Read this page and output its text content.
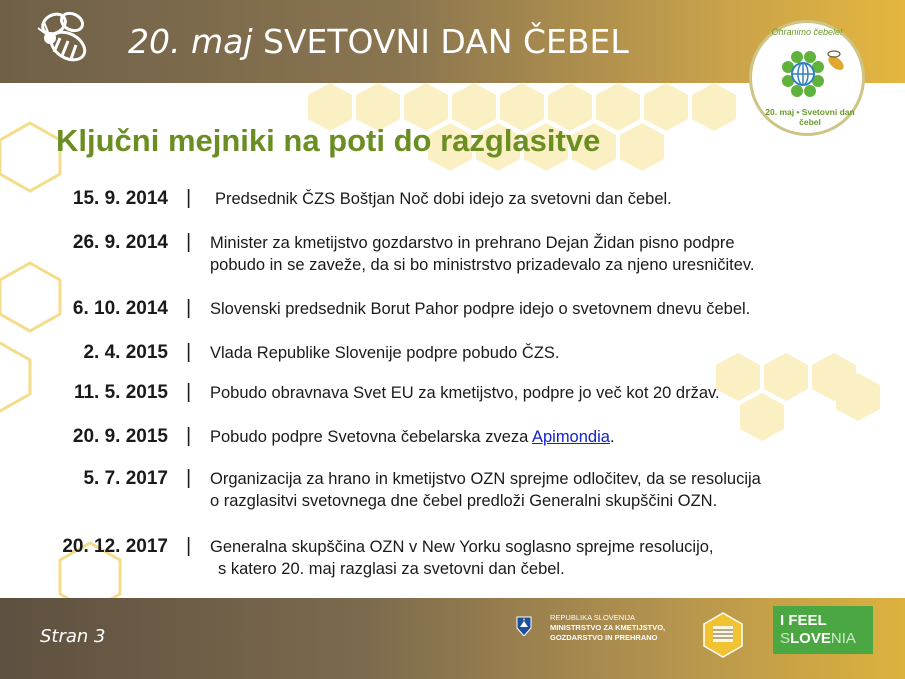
20. maj SVETOVNI DAN ČEBEL	Ohranimo čebele!
20. maj • Svetovni dan čebel
Ključni mejniki na poti do razglasitve
15. 9. 2014 | Predsednik ČZS Boštjan Noč dobi idejo za svetovni dan čebel.
26. 9. 2014 | Minister za kmetijstvo gozdarstvo in prehrano Dejan Židan pisno podpre
pobudo in se zaveže, da si bo ministrstvo prizadevalo za njeno uresničitev.
6. 10. 2014 | Slovenski predsednik Borut Pahor podpre idejo o svetovnem dnevu čebel.
2. 4. 2015 | Vlada Republike Slovenije podpre pobudo ČZS.
11. 5. 2015 | Pobudo obravnava Svet EU za kmetijstvo, podpre jo več kot 20 držav.
20. 9. 2015 | Pobudo podpre Svetovna čebelarska zveza Apimondia.
5. 7. 2017 | Organizacija za hrano in kmetijstvo OZN sprejme odločitev, da se resolucija
o razglasitvi svetovnega dne čebel predloži Generalni skupščini OZN.
20. 12. 2017 | Generalna skupščina OZN v New Yorku soglasno sprejme resolucijo,
s katero 20. maj razglasi za svetovni dan čebel.
Stran 3
REPUBLIKA SLOVENIJA
MINISTRSTVO ZA KMETIJSTVO,
GOZDARSTVO IN PREHRANO
I FEEL
SLOVENIA
